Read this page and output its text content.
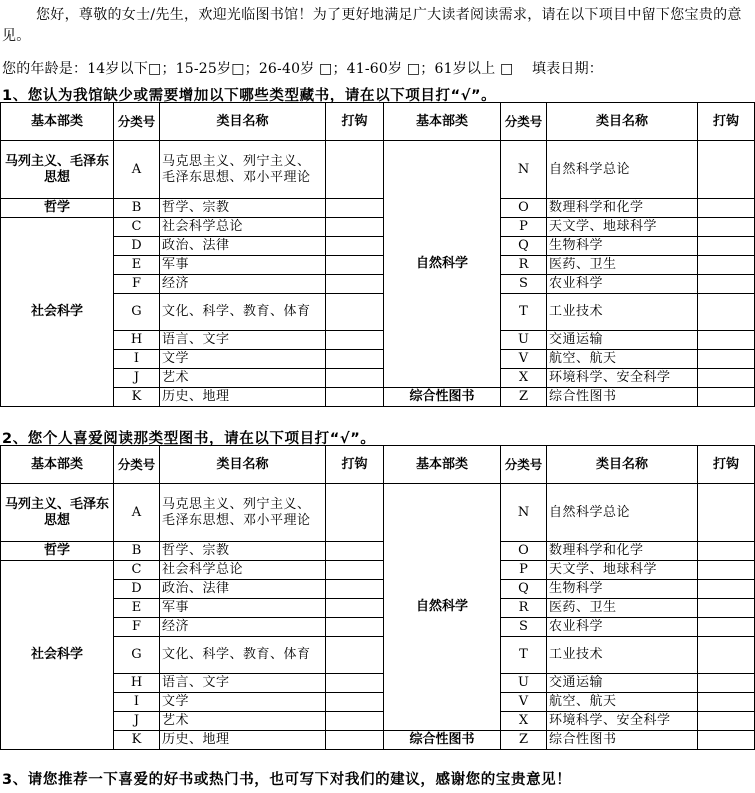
您好，尊敬的女士/先生，欢迎光临图书馆！为了更好地满足广大读者阅读需求，请在以下项目中留下您宝贵的意见。
您的年龄是：14岁以下□；15-25岁□；26-40岁 □；41-60岁 □；61岁以上 □    填表日期：
1、您认为我馆缺少或需要增加以下哪些类型藏书，请在以下项目打“√”。
基本部类	分类号	类目名称	打钩	基本部类	分类号	类目名称	打钩
马列主义、毛泽东思想	A	马克思主义、列宁主义、毛泽东思想、邓小平理论		自然科学	N	自然科学总论	
哲学	B	哲学、宗教			O	数理科学和化学	
社会科学	C	社会科学总论			P	天文学、地球科学	
	D	政治、法律			Q	生物科学	
	E	军事			R	医药、卫生	
	F	经济			S	农业科学	
	G	文化、科学、教育、体育			T	工业技术	
	H	语言、文字			U	交通运输	
	I	文学			V	航空、航天	
	J	艺术			X	环境科学、安全科学	
	K	历史、地理		综合性图书	Z	综合性图书	
2、您个人喜爱阅读那类型图书，请在以下项目打“√”。
基本部类	分类号	类目名称	打钩	基本部类	分类号	类目名称	打钩
马列主义、毛泽东思想	A	马克思主义、列宁主义、毛泽东思想、邓小平理论		自然科学	N	自然科学总论	
哲学	B	哲学、宗教			O	数理科学和化学	
社会科学	C	社会科学总论			P	天文学、地球科学	
	D	政治、法律			Q	生物科学	
	E	军事			R	医药、卫生	
	F	经济			S	农业科学	
	G	文化、科学、教育、体育			T	工业技术	
	H	语言、文字			U	交通运输	
	I	文学			V	航空、航天	
	J	艺术			X	环境科学、安全科学	
	K	历史、地理		综合性图书	Z	综合性图书	
3、请您推荐一下喜爱的好书或热门书，也可写下对我们的建议，感谢您的宝贵意见！
